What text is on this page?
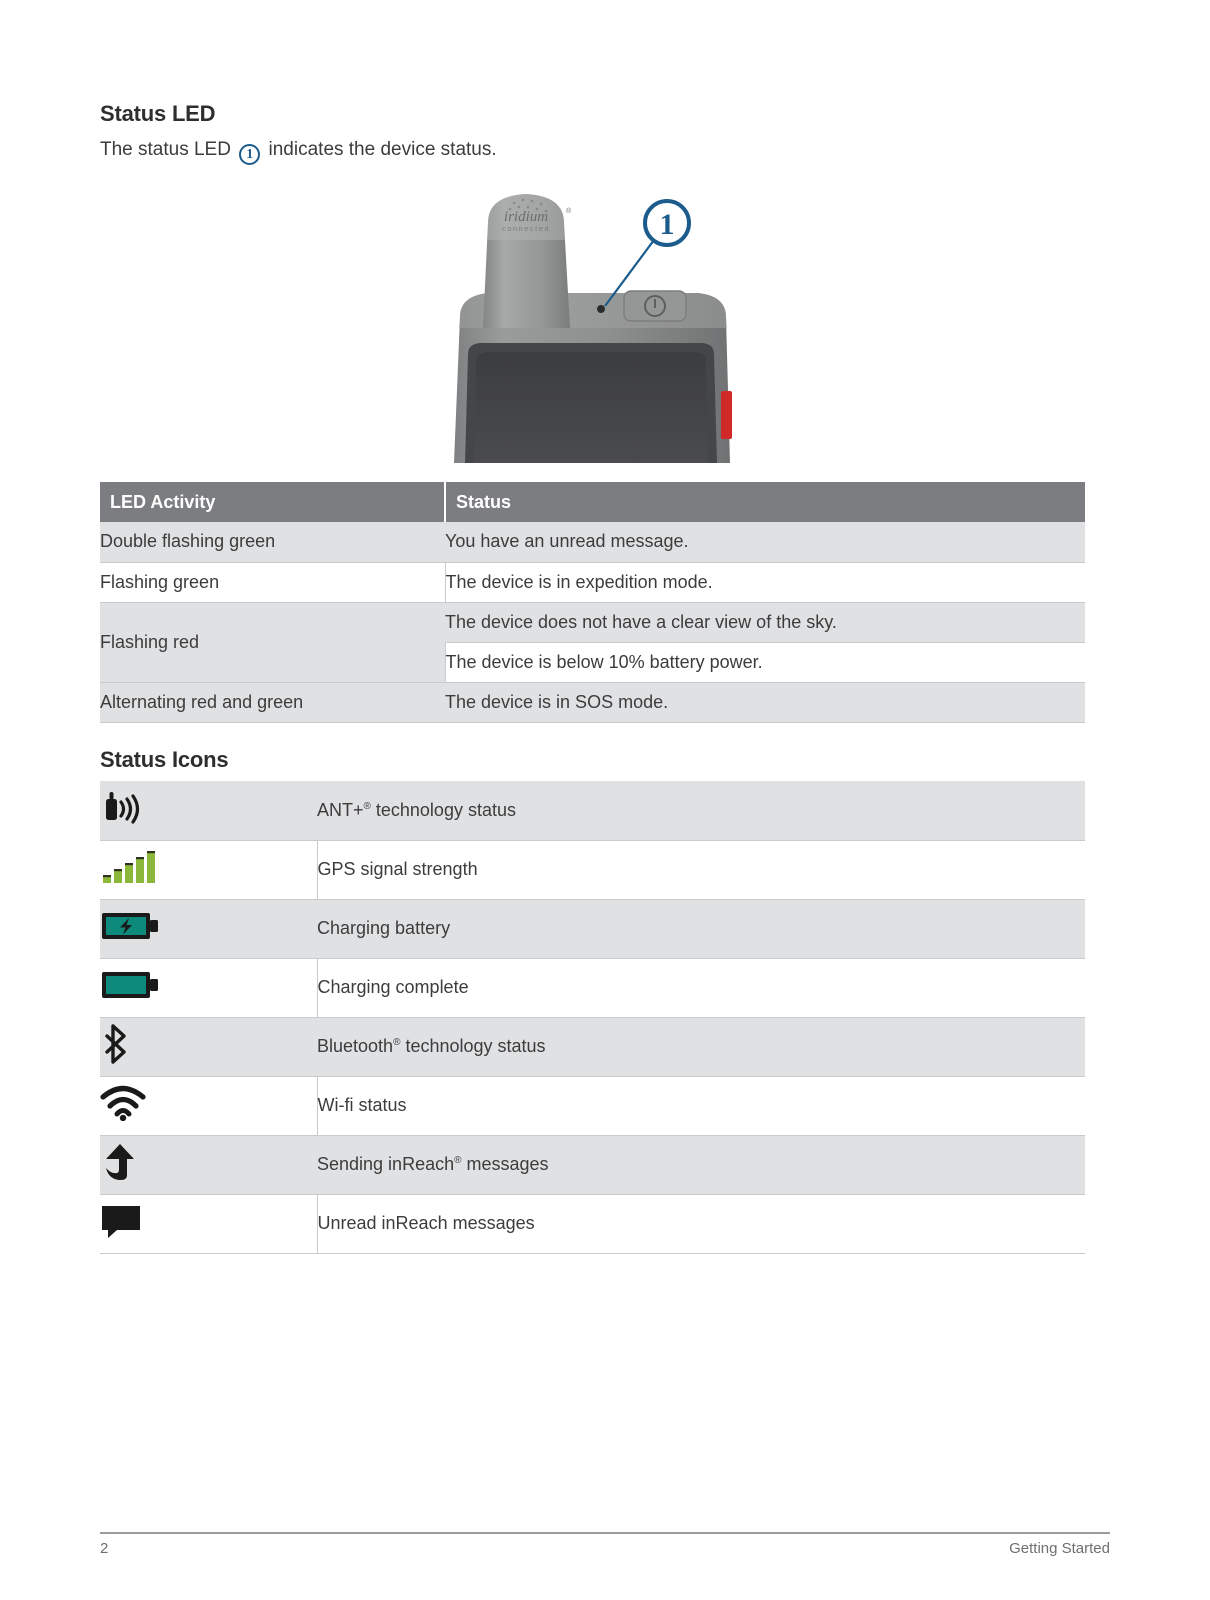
Status LED
The status LED 1 indicates the device status.
iridium	®
connected	1
LED Activity	Status
Double flashing green	You have an unread message.
Flashing green	The device is in expedition mode.
Flashing red	The device does not have a clear view of the sky.
	The device is below 10% battery power.
Alternating red and green	The device is in SOS mode.
Status Icons
	ANT+® technology status
	GPS signal strength
	Charging battery
	Charging complete
	Bluetooth® technology status
	Wi-fi status
	Sending inReach® messages
	Unread inReach messages
2	Getting Started
